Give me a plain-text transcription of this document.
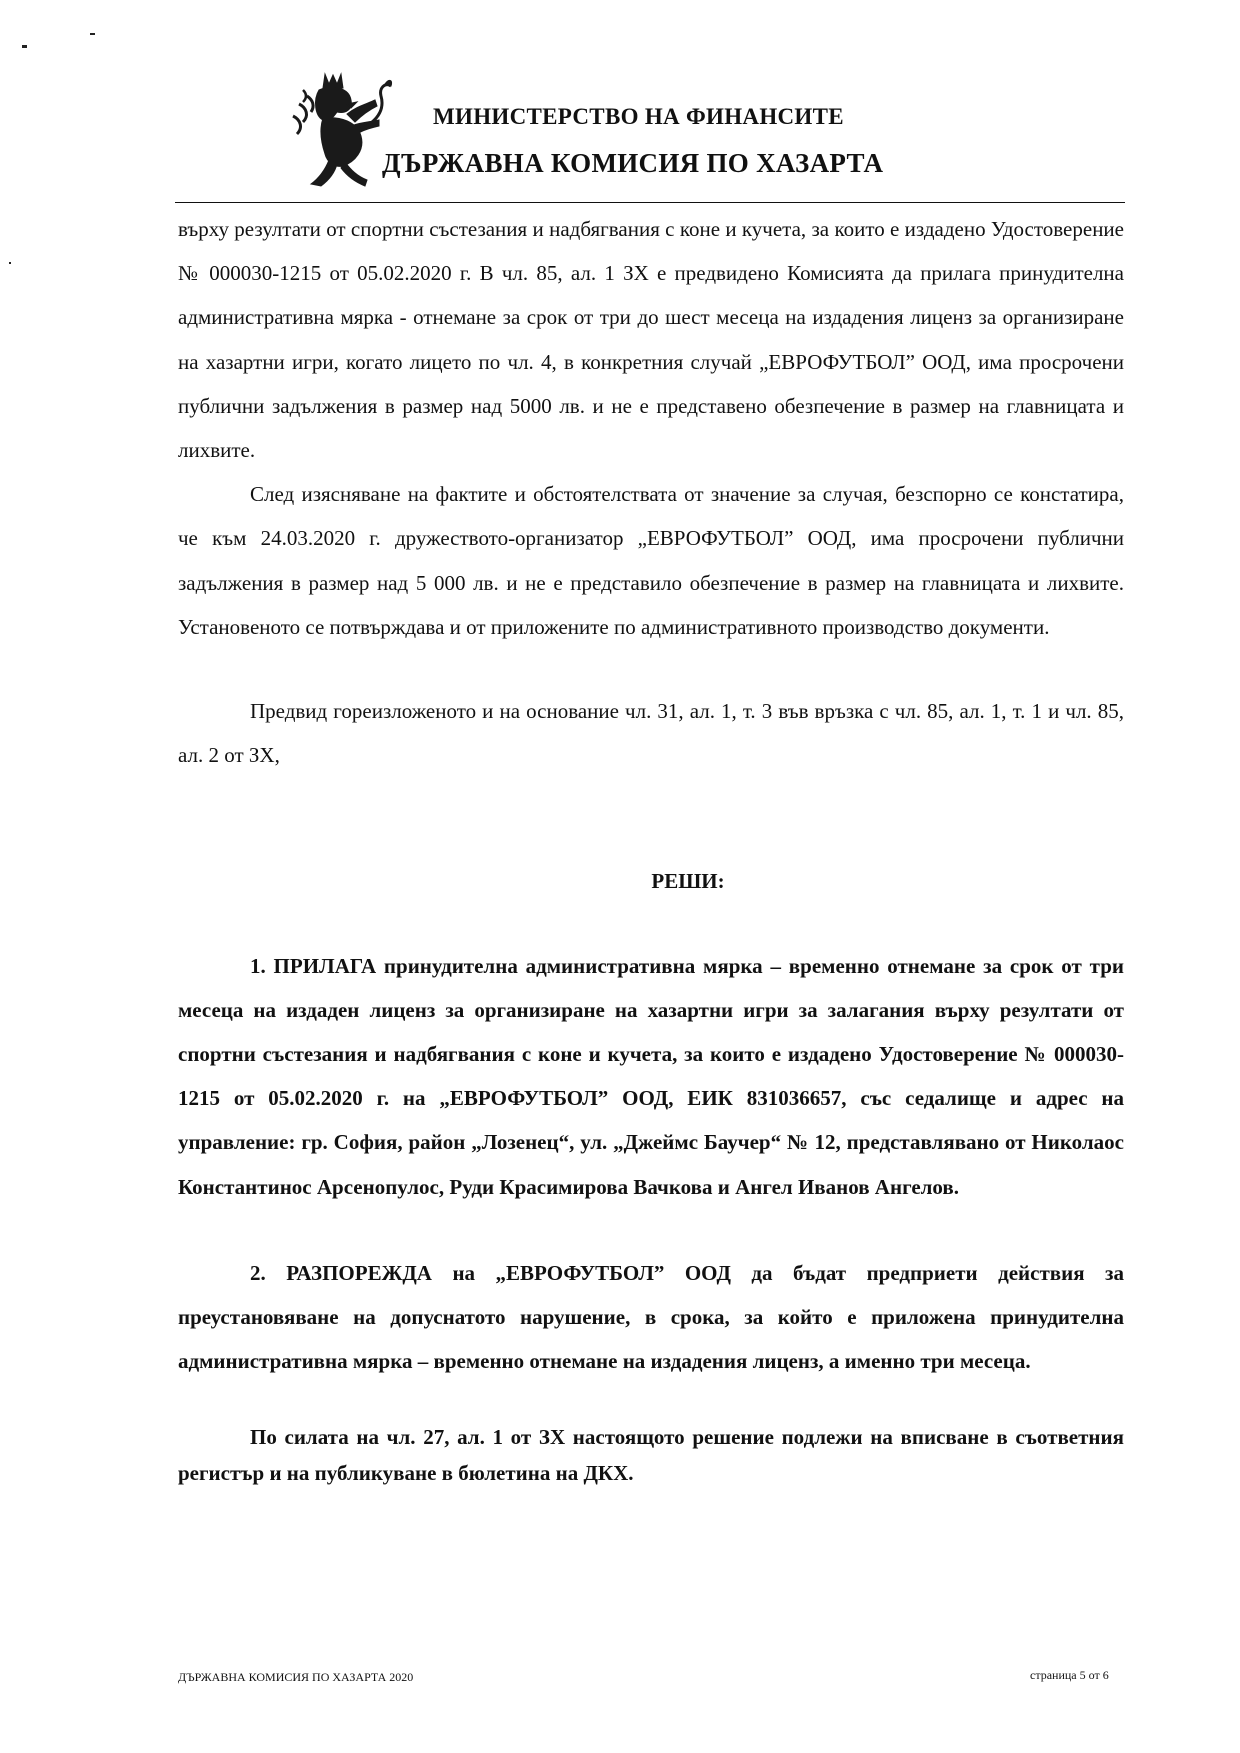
МИНИСТЕРСТВО НА ФИНАНСИТЕ
ДЪРЖАВНА КОМИСИЯ ПО ХАЗАРТА

върху резултати от спортни състезания и надбягвания с коне и кучета, за които е издадено Удостоверение № 000030-1215 от 05.02.2020 г. В чл. 85, ал. 1 ЗХ е предвидено Комисията да прилага принудителна административна мярка - отнемане за срок от три до шест месеца на издадения лиценз за организиране на хазартни игри, когато лицето по чл. 4, в конкретния случай „ЕВРОФУТБОЛ” ООД, има просрочени публични задължения в размер над 5000 лв. и не е представено обезпечение в размер на главницата и лихвите.

След изясняване на фактите и обстоятелствата от значение за случая, безспорно се констатира, че към 24.03.2020 г. дружеството-организатор „ЕВРОФУТБОЛ” ООД, има просрочени публични задължения в размер над 5 000 лв. и не е представило обезпечение в размер на главницата и лихвите. Установеното се потвърждава и от приложените по административното производство документи.

Предвид гореизложеното и на основание чл. 31, ал. 1, т. 3 във връзка с чл. 85, ал. 1, т. 1 и чл. 85, ал. 2 от ЗХ,

РЕШИ:

1. ПРИЛАГА принудителна административна мярка – временно отнемане за срок от три месеца на издаден лиценз за организиране на хазартни игри за залагания върху резултати от спортни състезания и надбягвания с коне и кучета, за които е издадено Удостоверение № 000030-1215 от 05.02.2020 г. на „ЕВРОФУТБОЛ” ООД, ЕИК 831036657, със седалище и адрес на управление: гр. София, район „Лозенец“, ул. „Джеймс Баучер“ № 12, представлявано от Николаос Константинос Арсенопулос, Руди Красимирова Вачкова и Ангел Иванов Ангелов.

2. РАЗПОРЕЖДА на „ЕВРОФУТБОЛ” ООД да бъдат предприети действия за преустановяване на допуснатото нарушение, в срока, за който е приложена принудителна административна мярка – временно отнемане на издадения лиценз, а именно три месеца.

По силата на чл. 27, ал. 1 от ЗХ настоящото решение подлежи на вписване в съответния регистър и на публикуване в бюлетина на ДКХ.

ДЪРЖАВНА КОМИСИЯ ПО ХАЗАРТА 2020	страница 5 от 6
